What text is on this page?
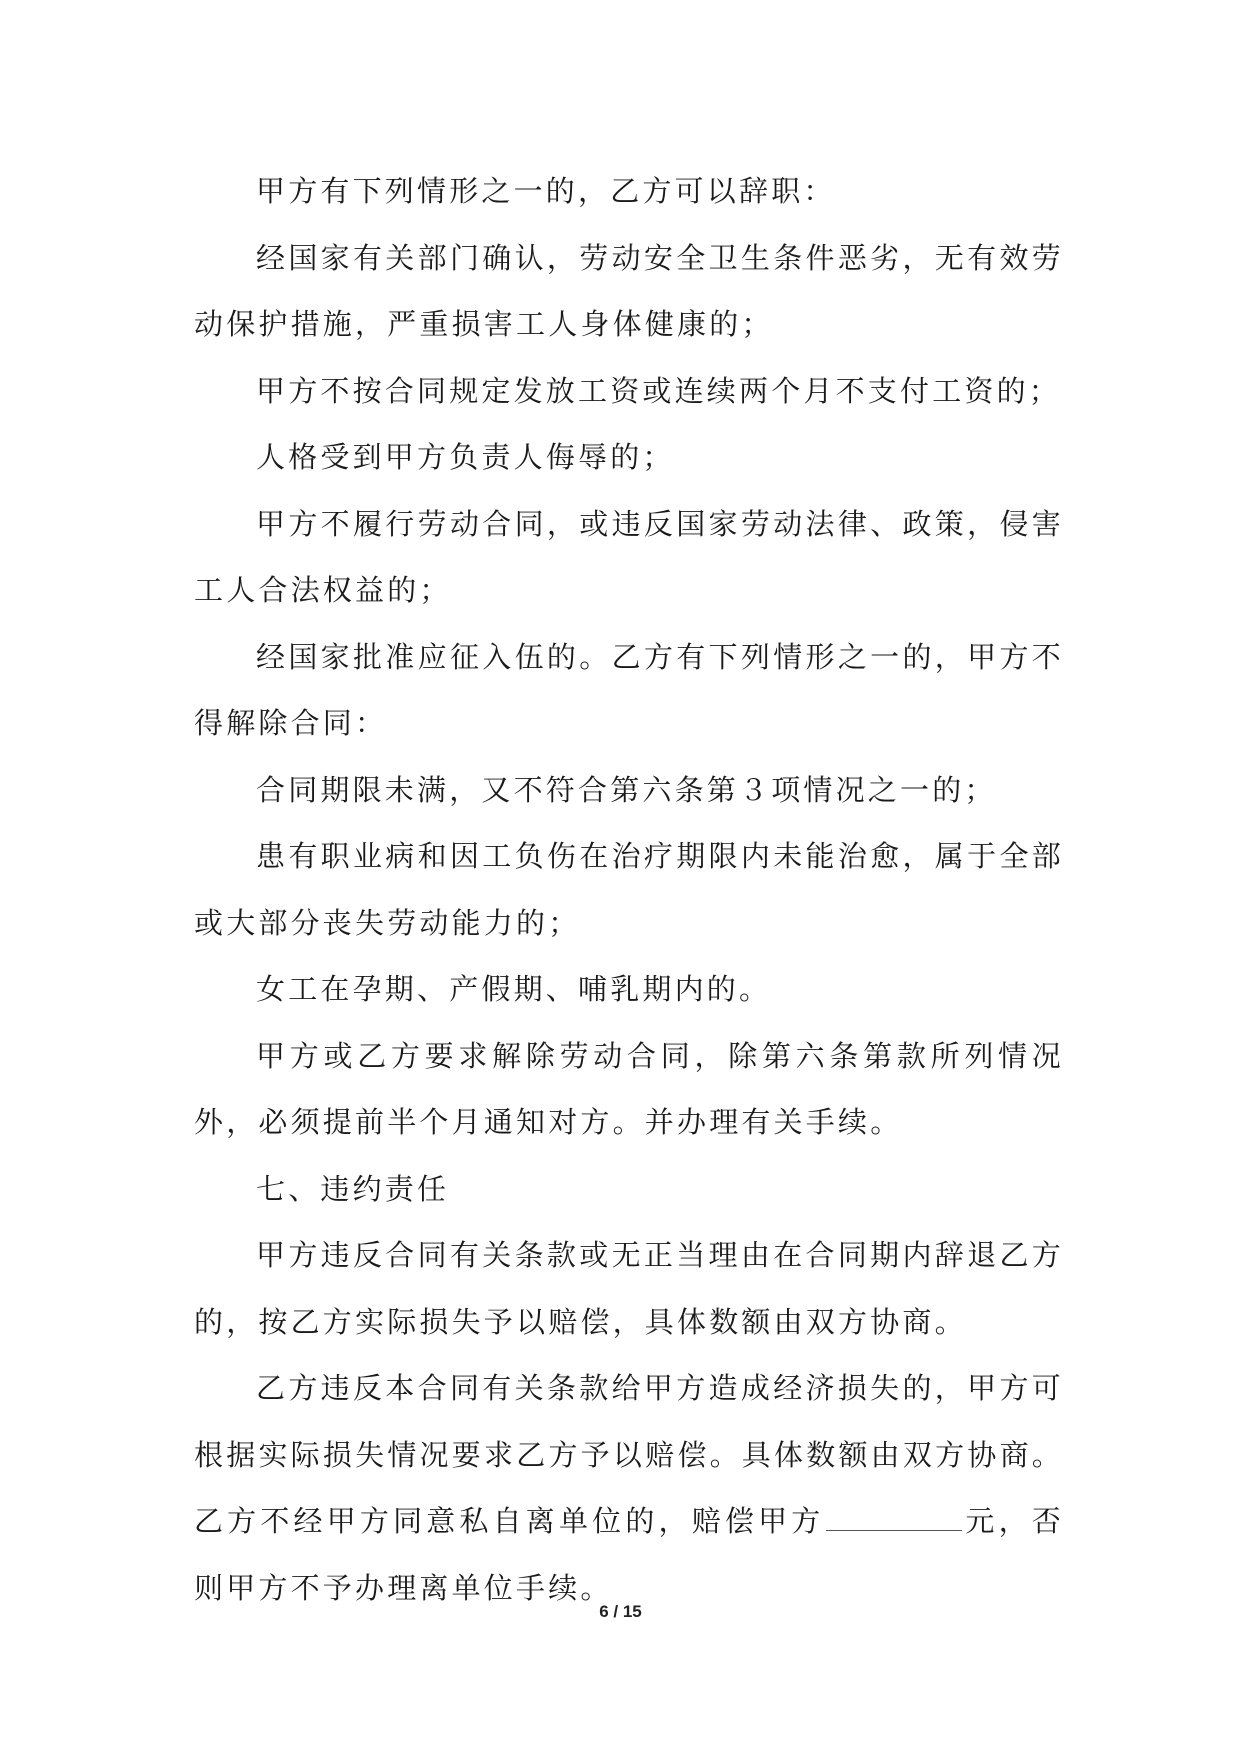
甲方有下列情形之一的，乙方可以辞职：

经国家有关部门确认，劳动安全卫生条件恶劣，无有效劳动保护措施，严重损害工人身体健康的；

甲方不按合同规定发放工资或连续两个月不支付工资的；

人格受到甲方负责人侮辱的；

甲方不履行劳动合同，或违反国家劳动法律、政策，侵害工人合法权益的；

经国家批准应征入伍的。乙方有下列情形之一的，甲方不得解除合同：

合同期限未满，又不符合第六条第３项情况之一的；

患有职业病和因工负伤在治疗期限内未能治愈，属于全部或大部分丧失劳动能力的；

女工在孕期、产假期、哺乳期内的。

甲方或乙方要求解除劳动合同，除第六条第款所列情况外，必须提前半个月通知对方。并办理有关手续。

七、违约责任

甲方违反合同有关条款或无正当理由在合同期内辞退乙方的，按乙方实际损失予以赔偿，具体数额由双方协商。

乙方违反本合同有关条款给甲方造成经济损失的，甲方可根据实际损失情况要求乙方予以赔偿。具体数额由双方协商。乙方不经甲方同意私自离单位的，赔偿甲方	元，否则甲方不予办理离单位手续。

6 / 15
